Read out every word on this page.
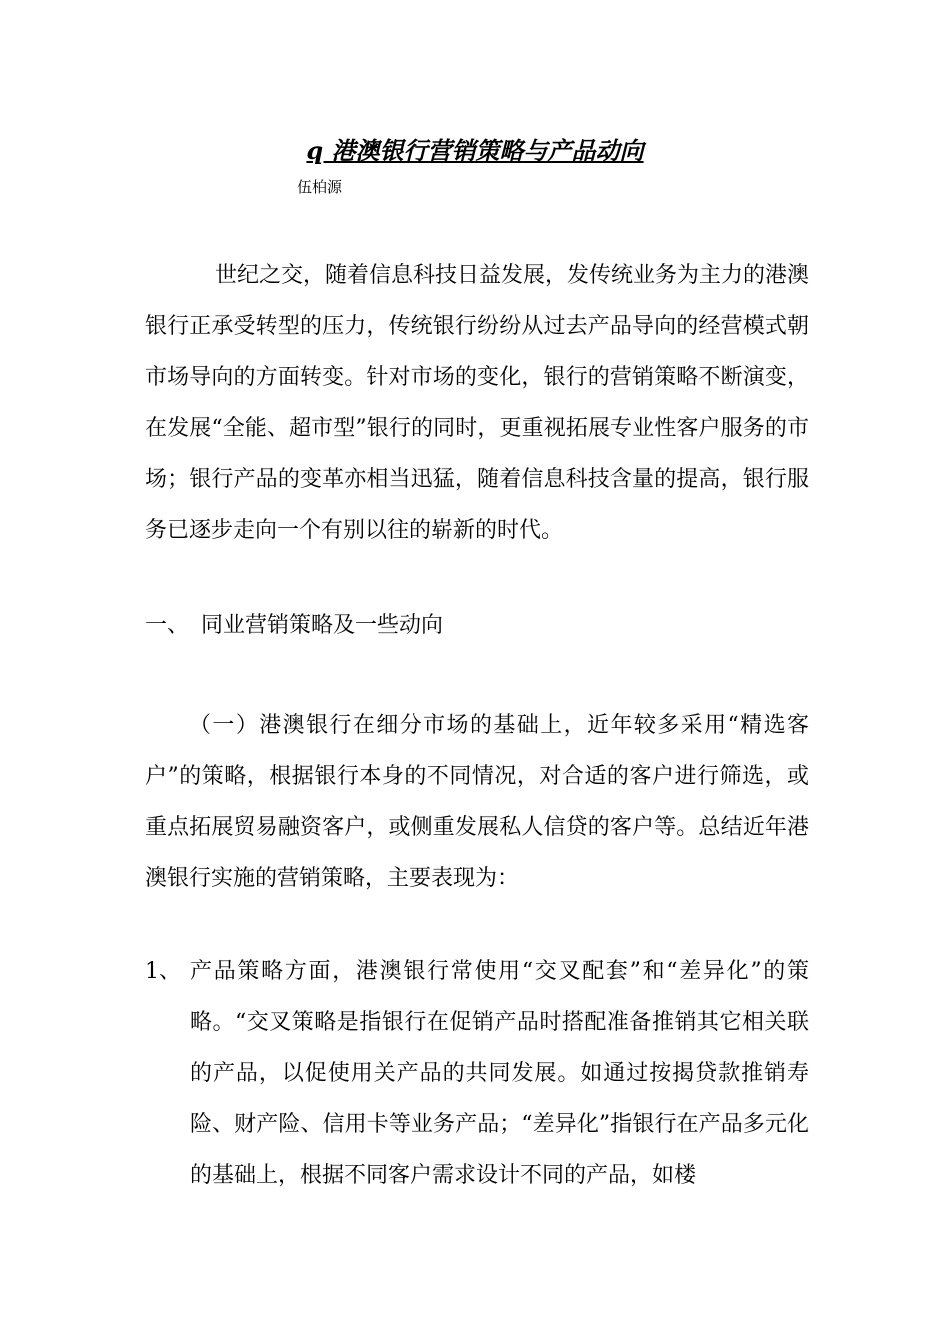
q 港澳银行营销策略与产品动向
伍柏源

世纪之交，随着信息科技日益发展，发传统业务为主力的港澳银行正承受转型的压力，传统银行纷纷从过去产品导向的经营模式朝市场导向的方面转变。针对市场的变化，银行的营销策略不断演变，在发展“全能、超市型”银行的同时，更重视拓展专业性客户服务的市场；银行产品的变革亦相当迅猛，随着信息科技含量的提高，银行服务已逐步走向一个有别以往的崭新的时代。

一、 同业营销策略及一些动向

（一）港澳银行在细分市场的基础上，近年较多采用“精选客户”的策略，根据银行本身的不同情况，对合适的客户进行筛选，或重点拓展贸易融资客户，或侧重发展私人信贷的客户等。总结近年港澳银行实施的营销策略，主要表现为：

1、 产品策略方面，港澳银行常使用“交叉配套”和“差异化”的策略。“交叉策略是指银行在促销产品时搭配准备推销其它相关联的产品，以促使用关产品的共同发展。如通过按揭贷款推销寿险、财产险、信用卡等业务产品；“差异化”指银行在产品多元化的基础上，根据不同客户需求设计不同的产品，如楼
